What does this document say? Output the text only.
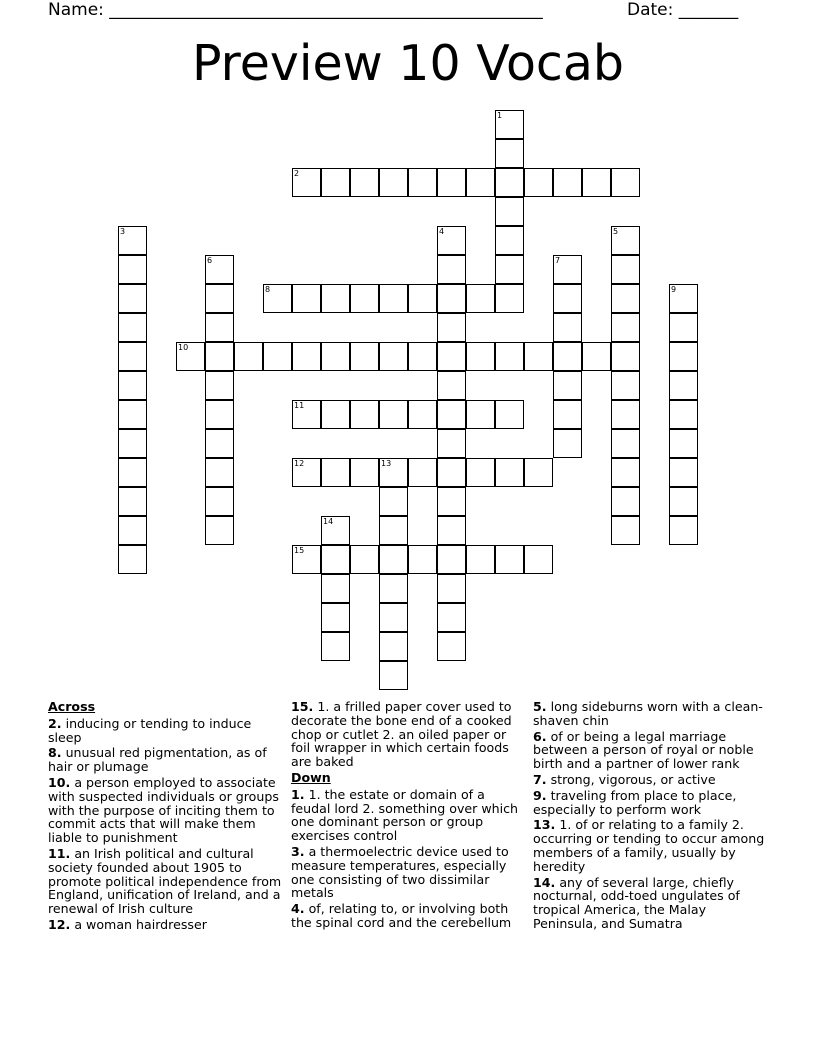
Name: ___________________________________________________	Date: _______
Preview 10 Vocab
1
2
3	4	5
6	7
8	9
10
11
12	13
14
15
Across
2. inducing or tending to induce sleep
8. unusual red pigmentation, as of hair or plumage
10. a person employed to associate with suspected individuals or groups with the purpose of inciting them to commit acts that will make them liable to punishment
11. an Irish political and cultural society founded about 1905 to promote political independence from England, unification of Ireland, and a renewal of Irish culture
12. a woman hairdresser
15. 1. a frilled paper cover used to decorate the bone end of a cooked chop or cutlet 2. an oiled paper or foil wrapper in which certain foods are baked
Down
1. 1. the estate or domain of a feudal lord 2. something over which one dominant person or group exercises control
3. a thermoelectric device used to measure temperatures, especially one consisting of two dissimilar metals
4. of, relating to, or involving both the spinal cord and the cerebellum
5. long sideburns worn with a clean-shaven chin
6. of or being a legal marriage between a person of royal or noble birth and a partner of lower rank
7. strong, vigorous, or active
9. traveling from place to place, especially to perform work
13. 1. of or relating to a family 2. occurring or tending to occur among members of a family, usually by heredity
14. any of several large, chiefly nocturnal, odd-toed ungulates of tropical America, the Malay Peninsula, and Sumatra
